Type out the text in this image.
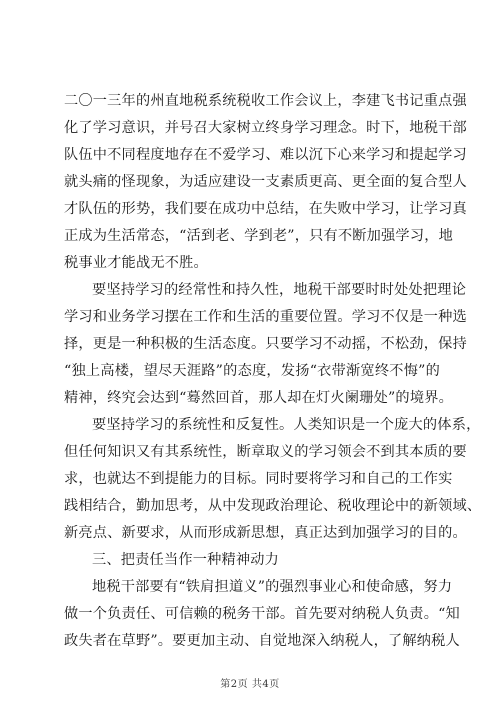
二〇一三年的州直地税系统税收工作会议上，李建飞书记重点强
化了学习意识，并号召大家树立终身学习理念。时下，地税干部
队伍中不同程度地存在不爱学习、难以沉下心来学习和提起学习
就头痛的怪现象，为适应建设一支素质更高、更全面的复合型人
才队伍的形势，我们要在成功中总结，在失败中学习，让学习真
正成为生活常态，“活到老、学到老”，只有不断加强学习，地
税事业才能战无不胜。
要坚持学习的经常性和持久性，地税干部要时时处处把理论
学习和业务学习摆在工作和生活的重要位置。学习不仅是一种选
择，更是一种积极的生活态度。只要学习不动摇，不松劲，保持
“独上高楼，望尽天涯路”的态度，发扬“衣带渐宽终不悔”的
精神，终究会达到“蓦然回首，那人却在灯火阑珊处”的境界。
要坚持学习的系统性和反复性。人类知识是一个庞大的体系，
但任何知识又有其系统性，断章取义的学习领会不到其本质的要
求，也就达不到提能力的目标。同时要将学习和自己的工作实
践相结合，勤加思考，从中发现政治理论、税收理论中的新领域、
新亮点、新要求，从而形成新思想，真正达到加强学习的目的。
三、把责任当作一种精神动力
地税干部要有“铁肩担道义”的强烈事业心和使命感，努力
做一个负责任、可信赖的税务干部。首先要对纳税人负责。“知
政失者在草野”。要更加主动、自觉地深入纳税人，了解纳税人
第2页 共4页
